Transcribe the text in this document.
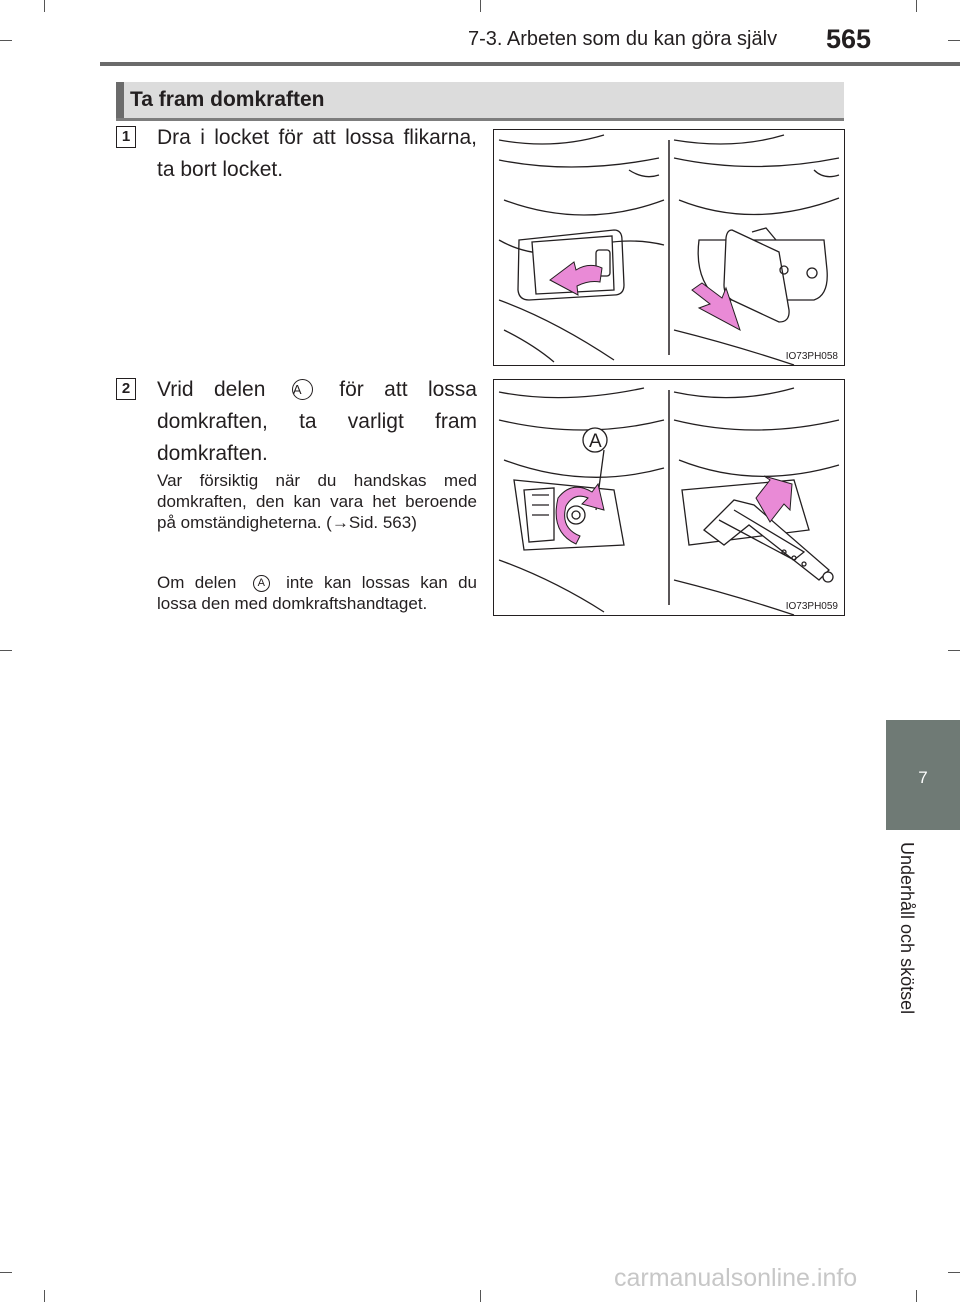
7-3. Arbeten som du kan göra själv 565
Ta fram domkraften
1 Dra i locket för att lossa flikarna, ta bort locket.
IO73PH058
2 Vrid delen A för att lossa domkraften, ta varligt fram domkraften.
Var försiktig när du handskas med domkraften, den kan vara het beroende på omständigheterna. (→Sid. 563)
Om delen A inte kan lossas kan du lossa den med domkraftshandtaget.
A
IO73PH059
7
Underhåll och skötsel
carmanualsonline.info
